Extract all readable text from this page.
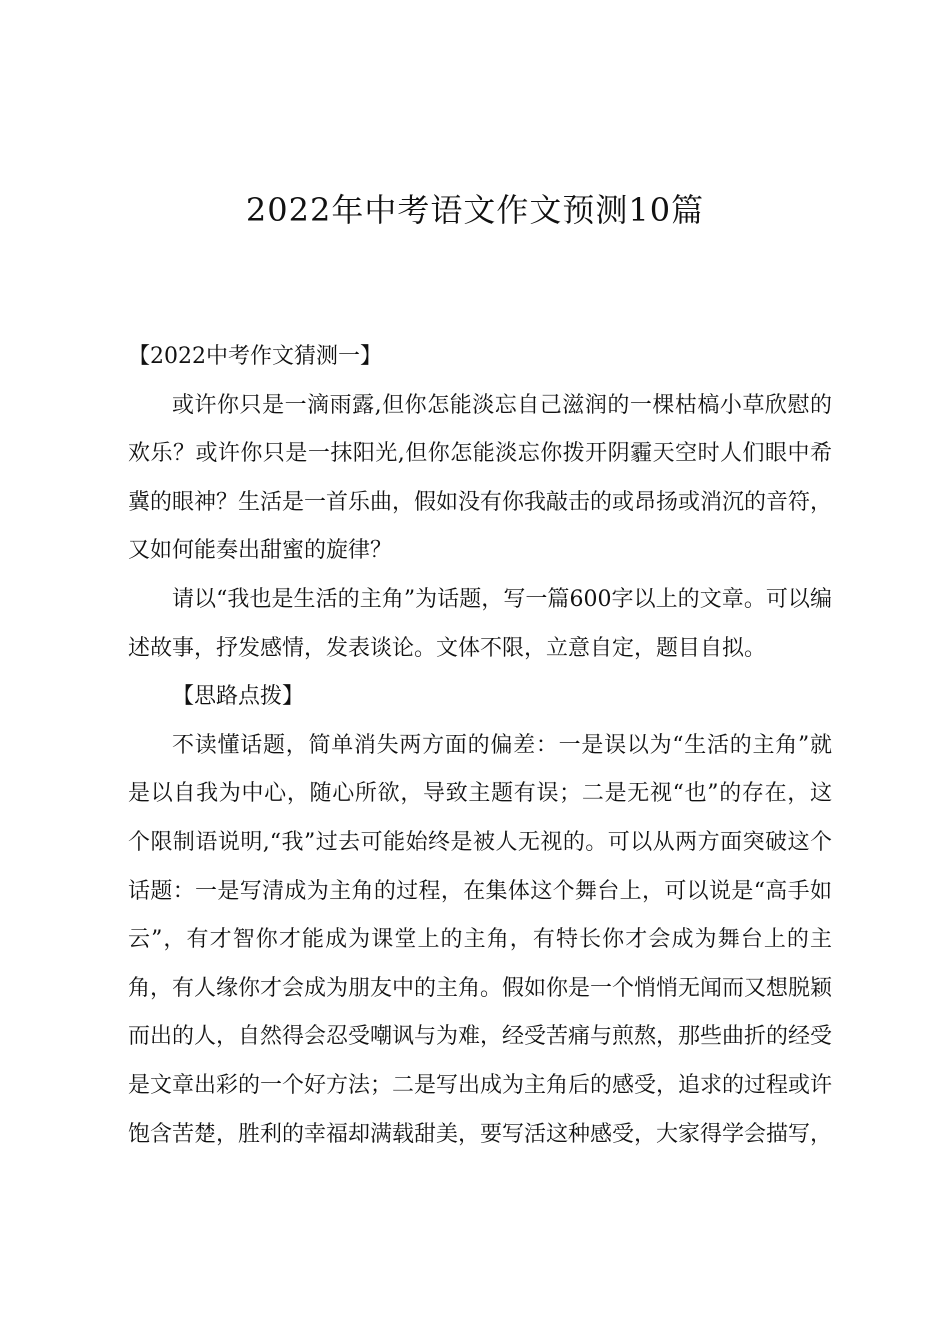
2022年中考语文作文预测10篇

【2022中考作文猜测一】

或许你只是一滴雨露,但你怎能淡忘自己滋润的一棵枯槁小草欣慰的欢乐？或许你只是一抹阳光,但你怎能淡忘你拨开阴霾天空时人们眼中希冀的眼神？生活是一首乐曲，假如没有你我敲击的或昂扬或消沉的音符，又如何能奏出甜蜜的旋律？

请以“我也是生活的主角”为话题，写一篇600字以上的文章。可以编述故事，抒发感情，发表谈论。文体不限，立意自定，题目自拟。

【思路点拨】

不读懂话题，简单消失两方面的偏差：一是误以为“生活的主角”就是以自我为中心，随心所欲，导致主题有误；二是无视“也”的存在，这个限制语说明,“我”过去可能始终是被人无视的。可以从两方面突破这个话题：一是写清成为主角的过程，在集体这个舞台上，可以说是“高手如云”，有才智你才能成为课堂上的主角，有特长你才会成为舞台上的主角，有人缘你才会成为朋友中的主角。假如你是一个悄悄无闻而又想脱颖而出的人，自然得会忍受嘲讽与为难，经受苦痛与煎熬，那些曲折的经受是文章出彩的一个好方法；二是写出成为主角后的感受，追求的过程或许饱含苦楚，胜利的幸福却满载甜美，要写活这种感受，大家得学会描写，
